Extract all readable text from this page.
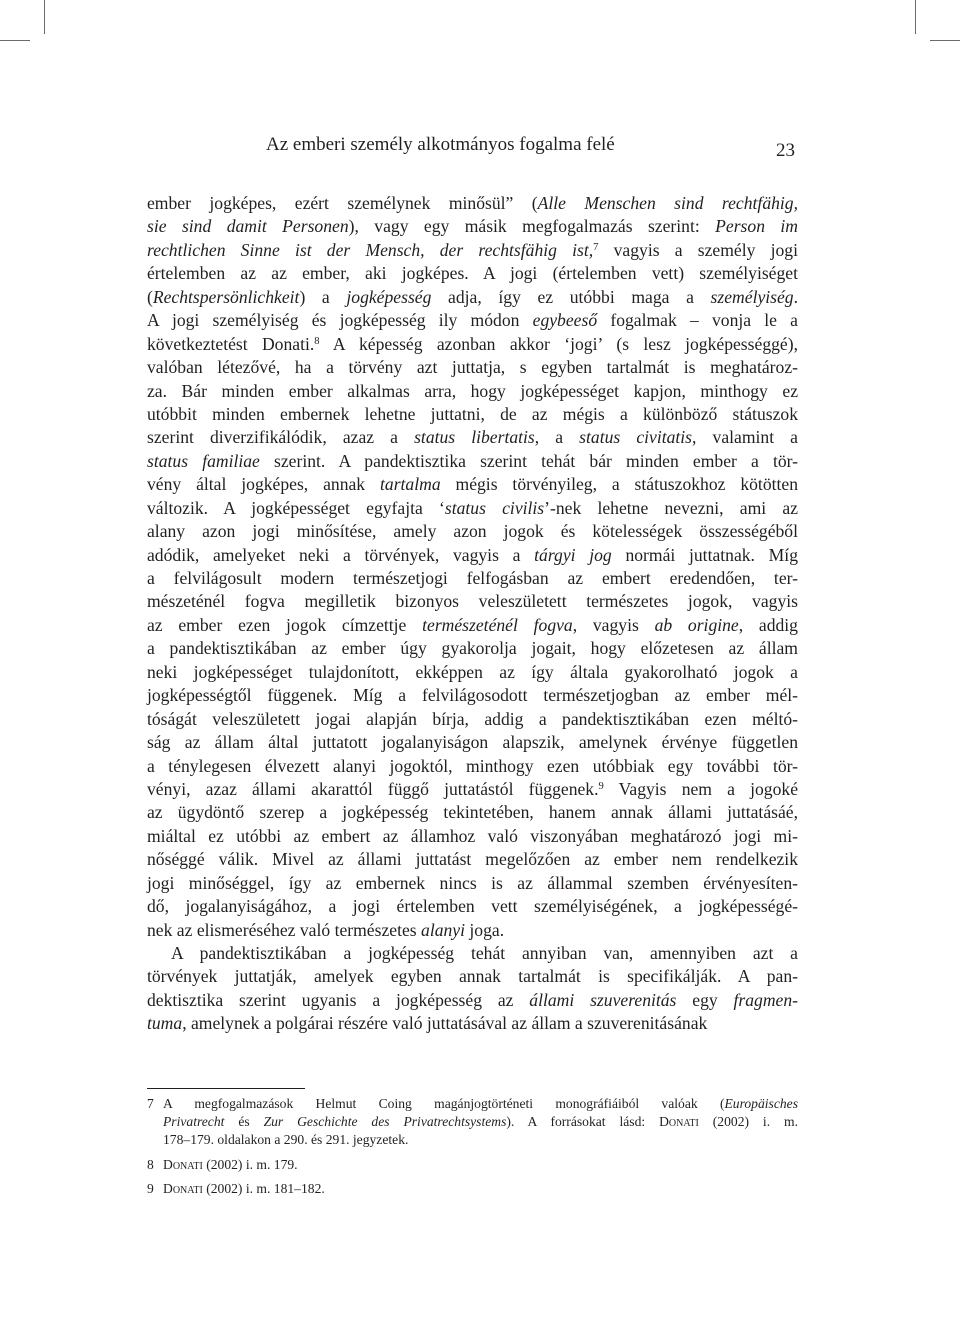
Az emberi személy alkotmányos fogalma felé	23
ember jogképes, ezért személynek minősül” (Alle Menschen sind rechtfähig,
sie sind damit Personen), vagy egy másik megfogalmazás szerint: Person im
rechtlichen Sinne ist der Mensch, der rechtsfähig ist,$^7$ vagyis a személy jogi
értelemben az az ember, aki jogképes. A jogi (értelemben vett) személyiséget
(Rechtspersönlichkeit) a jogképesség adja, így ez utóbbi maga a személyiség.
A jogi személyiség és jogképesség ily módon egybeeső fogalmak – vonja le a
következtetést Donati.$^8$ A képesség azonban akkor ‘jogi’ (s lesz jogképességgé),
valóban létezővé, ha a törvény azt juttatja, s egyben tartalmát is meghatároz-
za. Bár minden ember alkalmas arra, hogy jogképességet kapjon, minthogy ez
utóbbit minden embernek lehetne juttatni, de az mégis a különböző státuszok
szerint diverzifikálódik, azaz a status libertatis, a status civitatis, valamint a
status familiae szerint. A pandektisztika szerint tehát bár minden ember a tör-
vény által jogképes, annak tartalma mégis törvényileg, a státuszokhoz kötötten
változik. A jogképességet egyfajta ‘status civilis’-nek lehetne nevezni, ami az
alany azon jogi minősítése, amely azon jogok és kötelességek összességéből
adódik, amelyeket neki a törvények, vagyis a tárgyi jog normái juttatnak. Míg
a felvilágosult modern természetjogi felfogásban az embert eredendően, ter-
mészeténél fogva megilletik bizonyos veleszületett természetes jogok, vagyis
az ember ezen jogok címzettje természeténél fogva, vagyis ab origine, addig
a pandektisztikában az ember úgy gyakorolja jogait, hogy előzetesen az állam
neki jogképességet tulajdonított, ekképpen az így általa gyakorolható jogok a
jogképességtől függenek. Míg a felvilágosodott természetjogban az ember mél-
tóságát veleszületett jogai alapján bírja, addig a pandektisztikában ezen méltó-
ság az állam által juttatott jogalanyiságon alapszik, amelynek érvénye független
a ténylegesen élvezett alanyi jogoktól, minthogy ezen utóbbiak egy további tör-
vényi, azaz állami akarattól függő juttatástól függenek.$^9$ Vagyis nem a jogoké
az ügydöntő szerep a jogképesség tekintetében, hanem annak állami juttatásáé,
miáltal ez utóbbi az embert az államhoz való viszonyában meghatározó jogi mi-
nőséggé válik. Mivel az állami juttatást megelőzően az ember nem rendelkezik
jogi minőséggel, így az embernek nincs is az állammal szemben érvényesíten-
dő, jogalanyiságához, a jogi értelemben vett személyiségének, a jogképességé-
nek az elismeréséhez való természetes alanyi joga.
A pandektisztikában a jogképesség tehát annyiban van, amennyiben azt a
törvények juttatják, amelyek egyben annak tartalmát is specifikálják. A pan-
dektisztika szerint ugyanis a jogképesség az állami szuverenitás egy fragmen-
tuma, amelynek a polgárai részére való juttatásával az állam a szuverenitásának
7 A megfogalmazások Helmut Coing magánjogtörténeti monográfiáiból valóak (Europäisches
Privatrecht és Zur Geschichte des Privatrechtsystems). A forrásokat lásd: Donati (2002) i. m.
178–179. oldalakon a 290. és 291. jegyzetek.
8 Donati (2002) i. m. 179.
9 Donati (2002) i. m. 181–182.
